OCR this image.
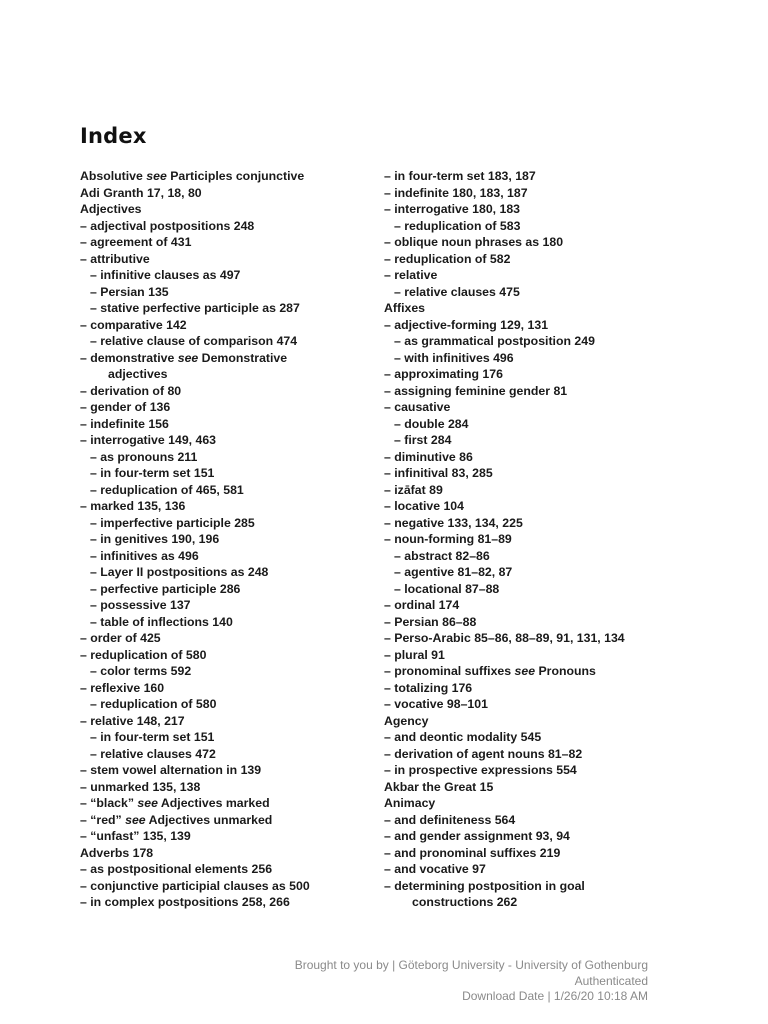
Index
Absolutive see Participles conjunctive
Adi Granth 17, 18, 80
Adjectives
– adjectival postpositions 248
– agreement of 431
– attributive
– infinitive clauses as 497
– Persian 135
– stative perfective participle as 287
– comparative 142
– relative clause of comparison 474
– demonstrative see Demonstrative
adjectives
– derivation of 80
– gender of 136
– indefinite 156
– interrogative 149, 463
– as pronouns 211
– in four-term set 151
– reduplication of 465, 581
– marked 135, 136
– imperfective participle 285
– in genitives 190, 196
– infinitives as 496
– Layer II postpositions as 248
– perfective participle 286
– possessive 137
– table of inflections 140
– order of 425
– reduplication of 580
– color terms 592
– reflexive 160
– reduplication of 580
– relative 148, 217
– in four-term set 151
– relative clauses 472
– stem vowel alternation in 139
– unmarked 135, 138
– “black” see Adjectives marked
– “red” see Adjectives unmarked
– “unfast” 135, 139
Adverbs 178
– as postpositional elements 256
– conjunctive participial clauses as 500
– in complex postpositions 258, 266
– in four-term set 183, 187
– indefinite 180, 183, 187
– interrogative 180, 183
– reduplication of 583
– oblique noun phrases as 180
– reduplication of 582
– relative
– relative clauses 475
Affixes
– adjective-forming 129, 131
– as grammatical postposition 249
– with infinitives 496
– approximating 176
– assigning feminine gender 81
– causative
– double 284
– first 284
– diminutive 86
– infinitival 83, 285
– izāfat 89
– locative 104
– negative 133, 134, 225
– noun-forming 81–89
– abstract 82–86
– agentive 81–82, 87
– locational 87–88
– ordinal 174
– Persian 86–88
– Perso-Arabic 85–86, 88–89, 91, 131, 134
– plural 91
– pronominal suffixes see Pronouns
– totalizing 176
– vocative 98–101
Agency
– and deontic modality 545
– derivation of agent nouns 81–82
– in prospective expressions 554
Akbar the Great 15
Animacy
– and definiteness 564
– and gender assignment 93, 94
– and pronominal suffixes 219
– and vocative 97
– determining postposition in goal
constructions 262
Brought to you by | Göteborg University - University of Gothenburg
Authenticated
Download Date | 1/26/20 10:18 AM
